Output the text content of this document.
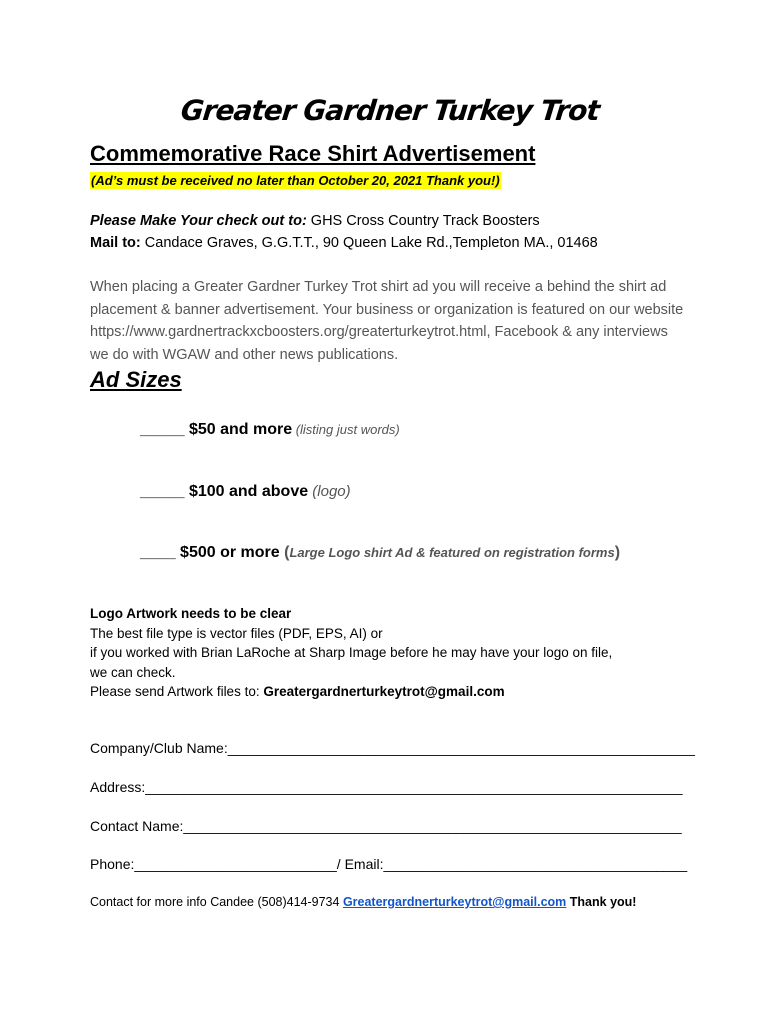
Greater Gardner Turkey Trot
Commemorative Race Shirt Advertisement
(Ad’s must be received no later than October 20, 2021 Thank you!)
Please Make Your check out to: GHS Cross Country Track Boosters
Mail to: Candace Graves, G.G.T.T., 90 Queen Lake Rd.,Templeton MA., 01468
When placing a Greater Gardner Turkey Trot shirt ad you will receive a behind the shirt ad placement & banner advertisement. Your business or organization is featured on our website https://www.gardnertrackxcboosters.org/greaterturkeytrot.html, Facebook & any interviews we do with WGAW and other news publications.
Ad Sizes
_____ $50 and more (listing just words)
_____ $100 and above (logo)
____ $500 or more (Large Logo shirt Ad & featured on registration forms)
Logo Artwork needs to be clear
The best file type is vector files (PDF, EPS, AI) or
if you worked with Brian LaRoche at Sharp Image before he may have your logo on file,
we can check.
Please send Artwork files to: Greatergardnerturkeytrot@gmail.com
Company/Club Name:____________________________________________________________
Address:_____________________________________________________________________
Contact Name:________________________________________________________________
Phone:__________________________/ Email:_______________________________________
Contact for more info Candee (508)414-9734 Greatergardnerturkeytrot@gmail.com Thank you!
